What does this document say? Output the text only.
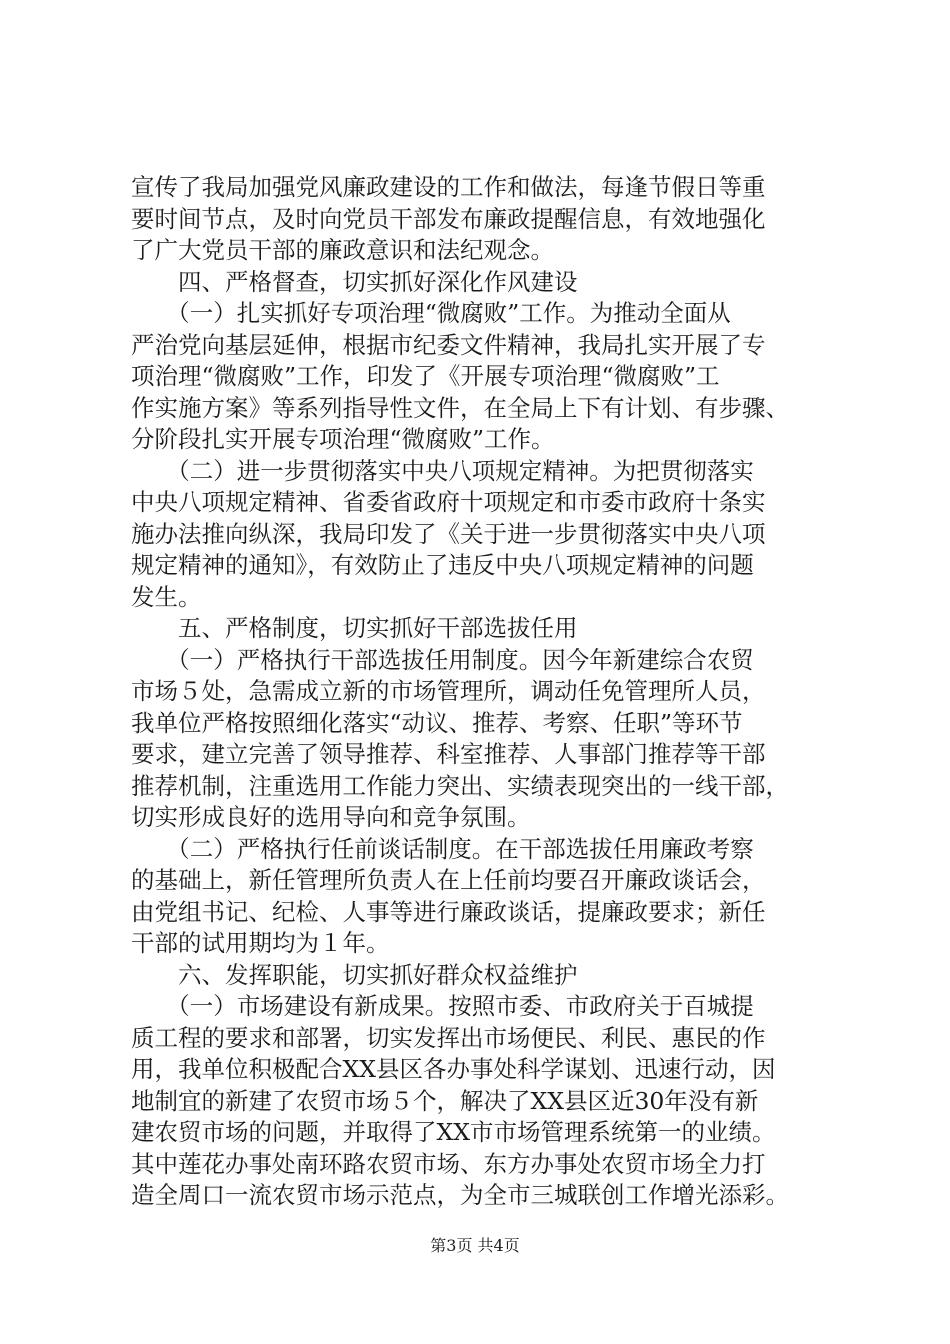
宣传了我局加强党风廉政建设的工作和做法，每逢节假日等重
要时间节点，及时向党员干部发布廉政提醒信息，有效地强化
了广大党员干部的廉政意识和法纪观念。
　　四、严格督查，切实抓好深化作风建设
　　（一）扎实抓好专项治理“微腐败”工作。为推动全面从
严治党向基层延伸，根据市纪委文件精神，我局扎实开展了专
项治理“微腐败”工作，印发了《开展专项治理“微腐败”工
作实施方案》等系列指导性文件，在全局上下有计划、有步骤、
分阶段扎实开展专项治理“微腐败”工作。
　　（二）进一步贯彻落实中央八项规定精神。为把贯彻落实
中央八项规定精神、省委省政府十项规定和市委市政府十条实
施办法推向纵深，我局印发了《关于进一步贯彻落实中央八项
规定精神的通知》，有效防止了违反中央八项规定精神的问题
发生。
　　五、严格制度，切实抓好干部选拔任用
　　（一）严格执行干部选拔任用制度。因今年新建综合农贸
市场５处，急需成立新的市场管理所，调动任免管理所人员，
我单位严格按照细化落实“动议、推荐、考察、任职”等环节
要求，建立完善了领导推荐、科室推荐、人事部门推荐等干部
推荐机制，注重选用工作能力突出、实绩表现突出的一线干部，
切实形成良好的选用导向和竞争氛围。
　　（二）严格执行任前谈话制度。在干部选拔任用廉政考察
的基础上，新任管理所负责人在上任前均要召开廉政谈话会，
由党组书记、纪检、人事等进行廉政谈话，提廉政要求；新任
干部的试用期均为１年。
　　六、发挥职能，切实抓好群众权益维护
　　（一）市场建设有新成果。按照市委、市政府关于百城提
质工程的要求和部署，切实发挥出市场便民、利民、惠民的作
用，我单位积极配合XX县区各办事处科学谋划、迅速行动，因
地制宜的新建了农贸市场５个，解决了XX县区近30年没有新
建农贸市场的问题，并取得了XX市市场管理系统第一的业绩。
其中莲花办事处南环路农贸市场、东方办事处农贸市场全力打
造全周口一流农贸市场示范点，为全市三城联创工作增光添彩。
第3页 共4页
